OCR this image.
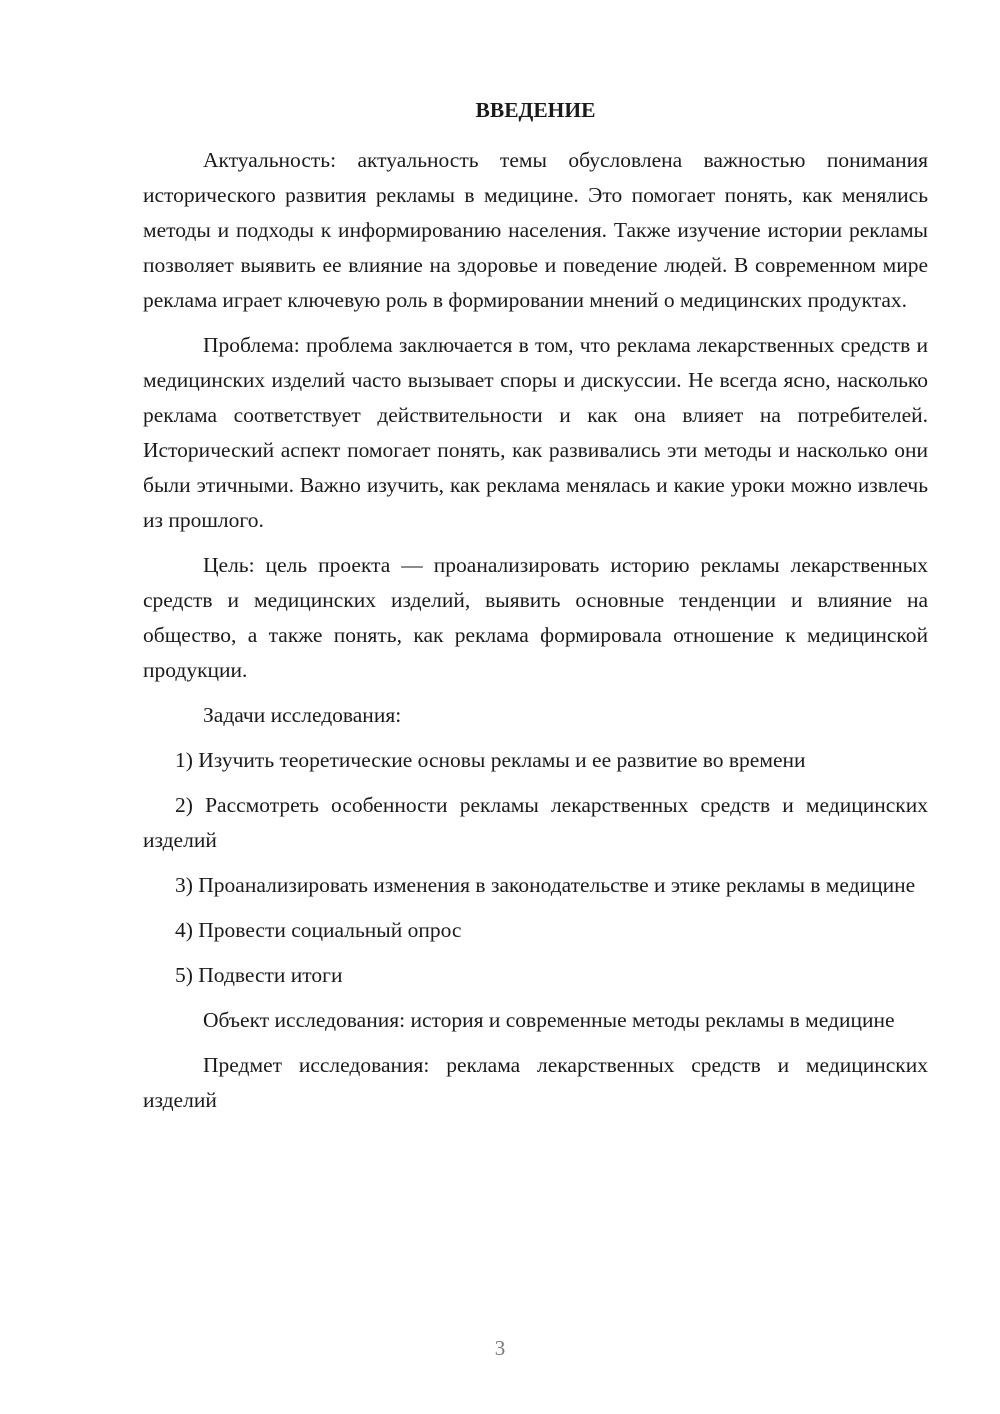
ВВЕДЕНИЕ

Актуальность: актуальность темы обусловлена важностью понимания исторического развития рекламы в медицине. Это помогает понять, как менялись методы и подходы к информированию населения. Также изучение истории рекламы позволяет выявить ее влияние на здоровье и поведение людей. В современном мире реклама играет ключевую роль в формировании мнений о медицинских продуктах.

Проблема: проблема заключается в том, что реклама лекарственных средств и медицинских изделий часто вызывает споры и дискуссии. Не всегда ясно, насколько реклама соответствует действительности и как она влияет на потребителей. Исторический аспект помогает понять, как развивались эти методы и насколько они были этичными. Важно изучить, как реклама менялась и какие уроки можно извлечь из прошлого.

Цель: цель проекта — проанализировать историю рекламы лекарственных средств и медицинских изделий, выявить основные тенденции и влияние на общество, а также понять, как реклама формировала отношение к медицинской продукции.

Задачи исследования:

1) Изучить теоретические основы рекламы и ее развитие во времени

2) Рассмотреть особенности рекламы лекарственных средств и медицинских изделий

3) Проанализировать изменения в законодательстве и этике рекламы в медицине

4) Провести социальный опрос

5) Подвести итоги

Объект исследования: история и современные методы рекламы в медицине

Предмет исследования: реклама лекарственных средств и медицинских изделий

3
